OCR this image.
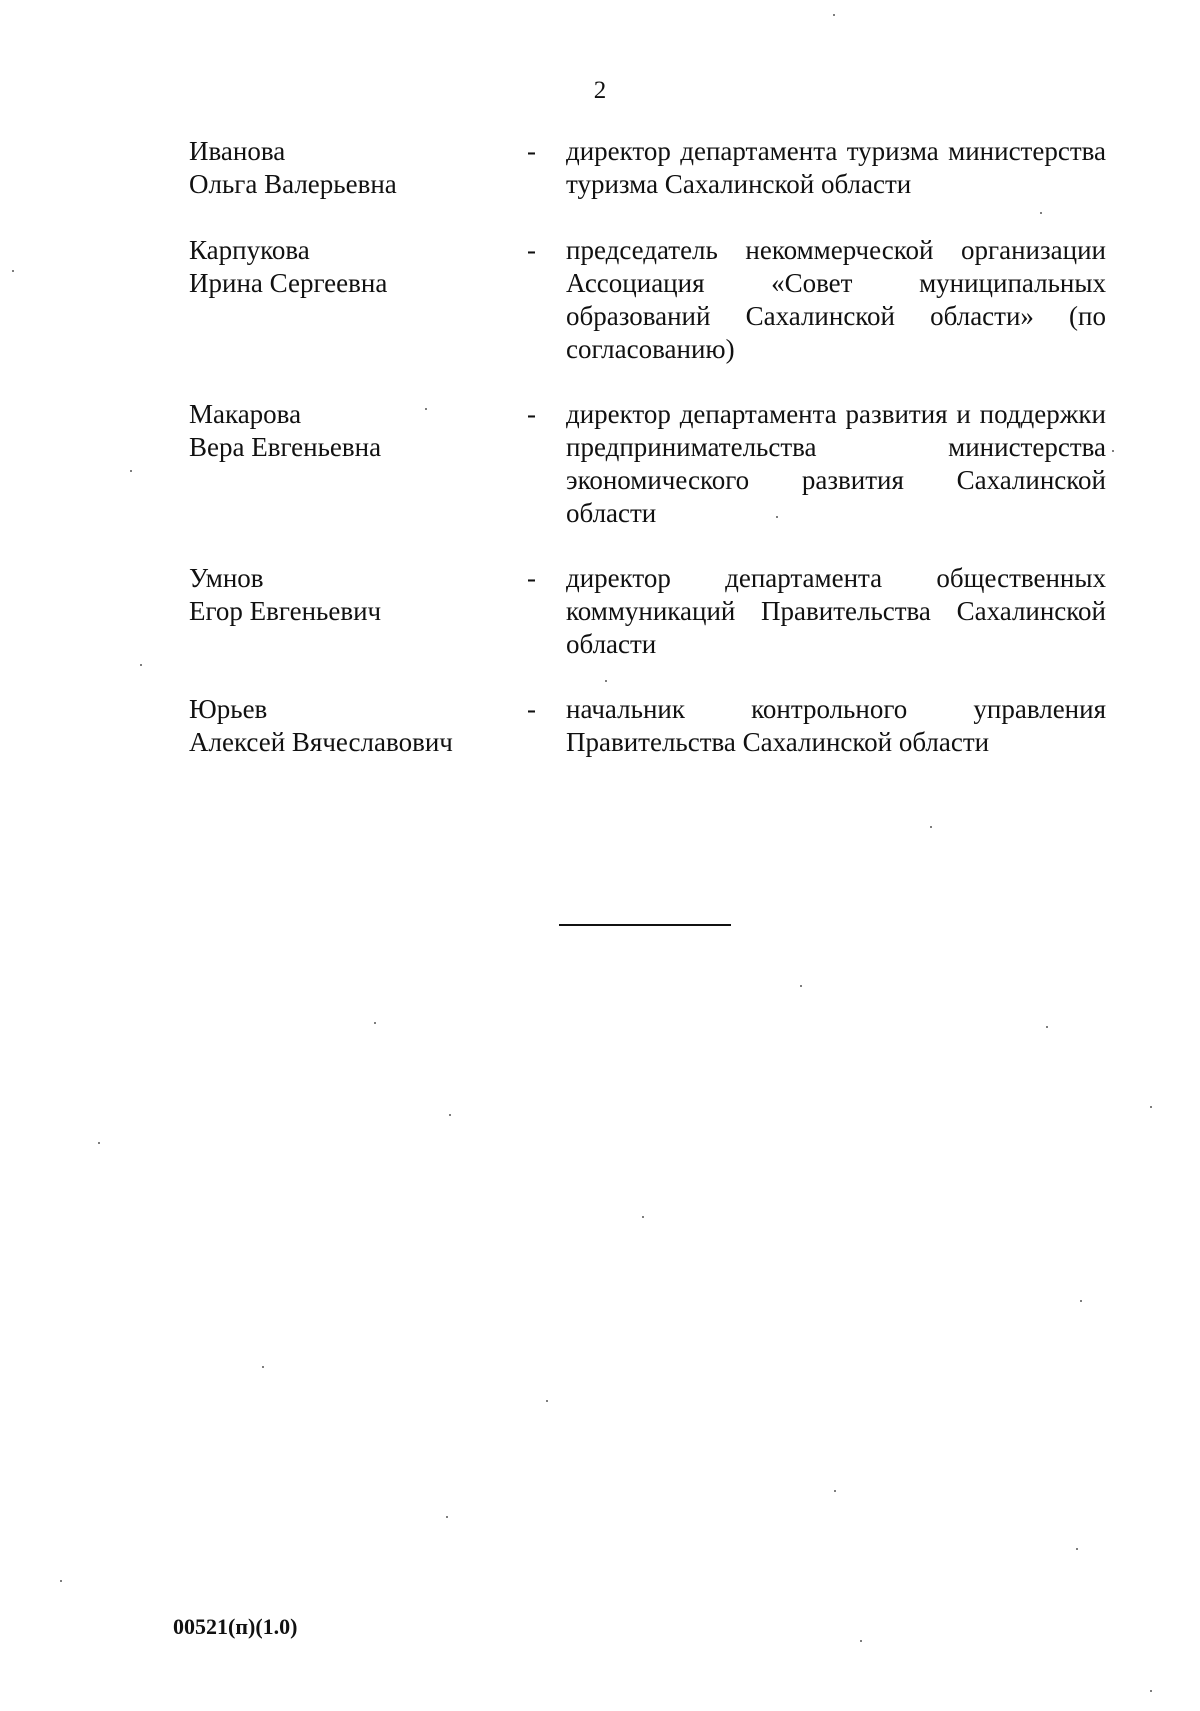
2
Иванова
Ольга Валерьевна
- директор департамента туризма министерства туризма Сахалинской области
Карпукова
Ирина Сергеевна
- председатель некоммерческой организации Ассоциация «Совет муниципальных образований Сахалинской области» (по согласованию)
Макарова
Вера Евгеньевна
- директор департамента развития и поддержки предпринимательства министерства экономического развития Сахалинской области
Умнов
Егор Евгеньевич
- директор департамента общественных коммуникаций Правительства Сахалинской области
Юрьев
Алексей Вячеславович
- начальник контрольного управления Правительства Сахалинской области
00521(п)(1.0)
